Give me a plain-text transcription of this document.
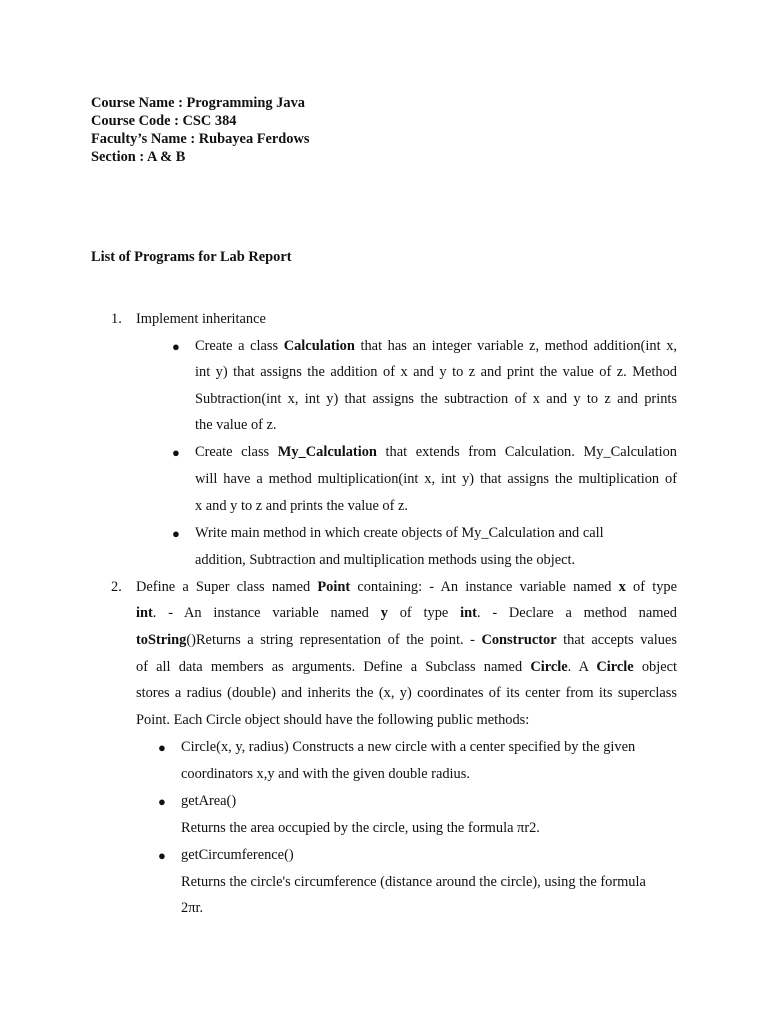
Course Name : Programming Java
Course Code : CSC 384
Faculty’s Name : Rubayea Ferdows
Section : A & B
List of Programs for Lab Report
1. Implement inheritance
● Create a class Calculation that has an integer variable z, method addition(int x,
int y) that assigns the addition of x and y to z and print the value of z. Method
Subtraction(int x, int y) that assigns the subtraction of x and y to z and prints
the value of z.
● Create class My_Calculation that extends from Calculation. My_Calculation
will have a method multiplication(int x, int y) that assigns the multiplication of
x and y to z and prints the value of z.
● Write main method in which create objects of My_Calculation and call
addition, Subtraction and multiplication methods using the object.
2. Define a Super class named Point containing: - An instance variable named x of type
int. - An instance variable named y of type int. - Declare a method named
toString()Returns a string representation of the point. - Constructor that accepts values
of all data members as arguments. Define a Subclass named Circle. A Circle object
stores a radius (double) and inherits the (x, y) coordinates of its center from its superclass
Point. Each Circle object should have the following public methods:
● Circle(x, y, radius) Constructs a new circle with a center specified by the given
coordinators x,y and with the given double radius.
● getArea()
Returns the area occupied by the circle, using the formula πr2.
● getCircumference()
Returns the circle's circumference (distance around the circle), using the formula
2πr.
